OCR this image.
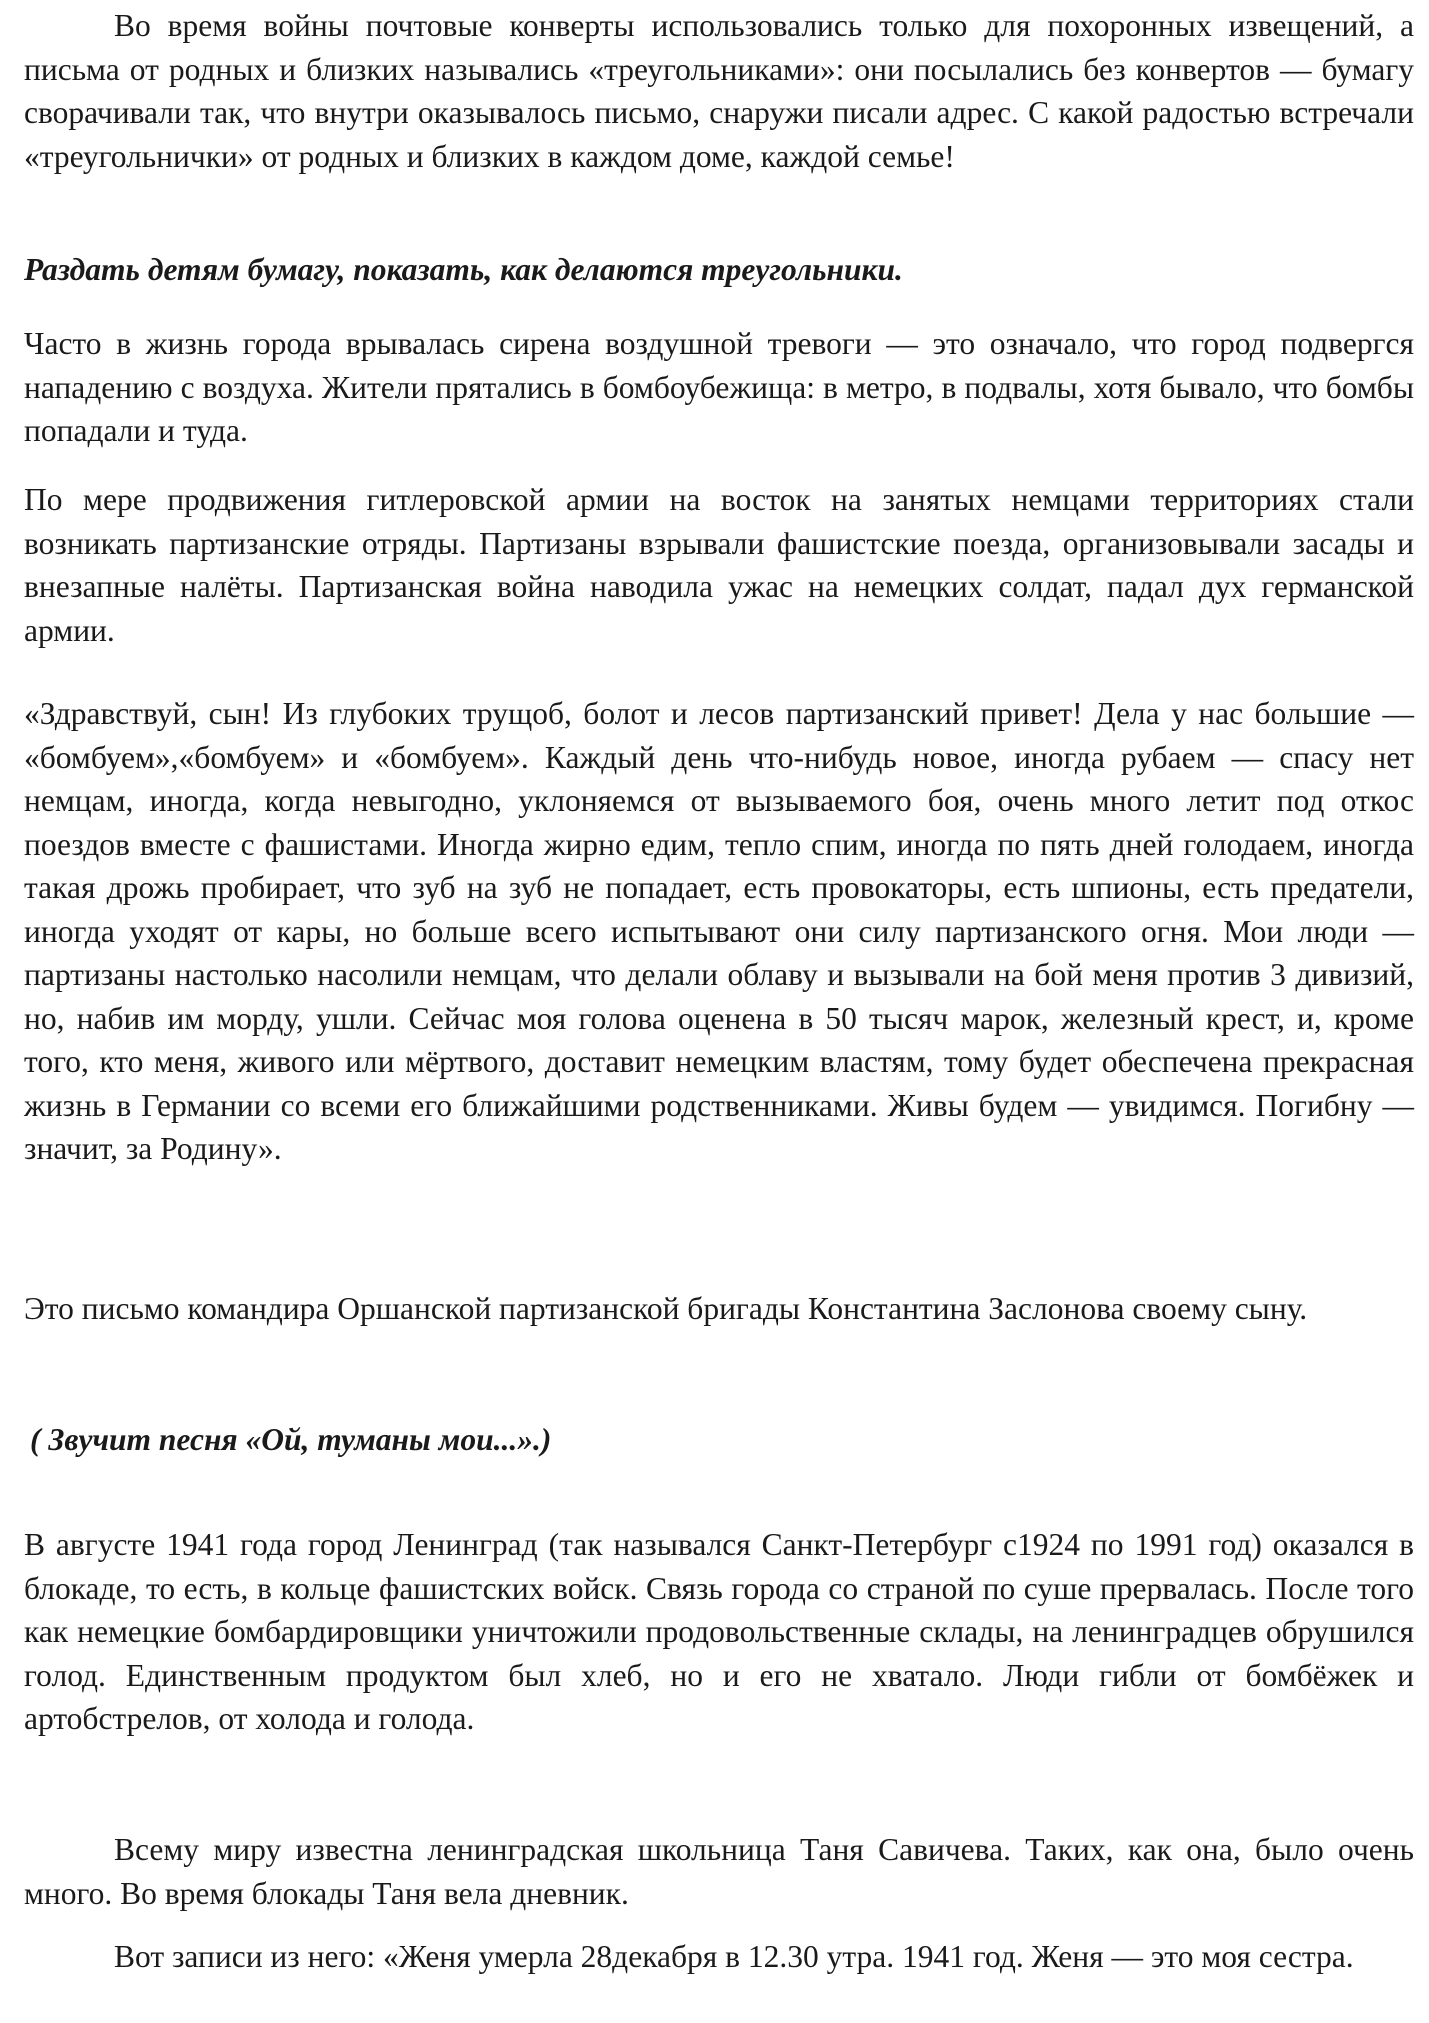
Во время войны почтовые конверты использовались только для похоронных извещений, а письма от родных и близких назывались «треугольниками»: они посылались без конвертов — бумагу сворачивали так, что внутри оказывалось письмо, снаружи писали адрес. С какой радостью встречали «треугольнички» от родных и близких в каждом доме, каждой семье!

Раздать детям бумагу, показать, как делаются треугольники.

Часто в жизнь города врывалась сирена воздушной тревоги — это означало, что город подвергся нападению с воздуха. Жители прятались в бомбоубежища: в метро, в подвалы, хотя бывало, что бомбы попадали и туда.

По мере продвижения гитлеровской армии на восток на занятых немцами территориях стали возникать партизанские отряды. Партизаны взрывали фашистские поезда, организовывали засады и внезапные налёты. Партизанская война наводила ужас на немецких солдат, падал дух германской армии.

«Здравствуй, сын! Из глубоких трущоб, болот и лесов партизанский привет! Дела у нас большие — «бомбуем»,«бомбуем» и «бомбуем». Каждый день что-нибудь новое, иногда рубаем — спасу нет немцам, иногда, когда невыгодно, уклоняемся от вызываемого боя, очень много летит под откос поездов вместе с фашистами. Иногда жирно едим, тепло спим, иногда по пять дней голодаем, иногда такая дрожь пробирает, что зуб на зуб не попадает, есть провокаторы, есть шпионы, есть предатели, иногда уходят от кары, но больше всего испытывают они силу партизанского огня. Мои люди — партизаны настолько насолили немцам, что делали облаву и вызывали на бой меня против 3 дивизий, но, набив им морду, ушли. Сейчас моя голова оценена в 50 тысяч марок, железный крест, и, кроме того, кто меня, живого или мёртвого, доставит немецким властям, тому будет обеспечена прекрасная жизнь в Германии со всеми его ближайшими родственниками. Живы будем — увидимся. Погибну — значит, за Родину».

Это письмо командира Оршанской партизанской бригады Константина Заслонова своему сыну.

( Звучит песня «Ой, туманы мои...».)

В августе 1941 года город Ленинград (так назывался Санкт-Петербург с1924 по 1991 год) оказался в блокаде, то есть, в кольце фашистских войск. Связь города со страной по суше прервалась. После того как немецкие бомбардировщики уничтожили продовольственные склады, на ленинградцев обрушился голод. Единственным продуктом был хлеб, но и его не хватало. Люди гибли от бомбёжек и артобстрелов, от холода и голода.

Всему миру известна ленинградская школьница Таня Савичева. Таких, как она, было очень много. Во время блокады Таня вела дневник.

Вот записи из него: «Женя умерла 28декабря в 12.30 утра. 1941 год. Женя — это моя сестра.
